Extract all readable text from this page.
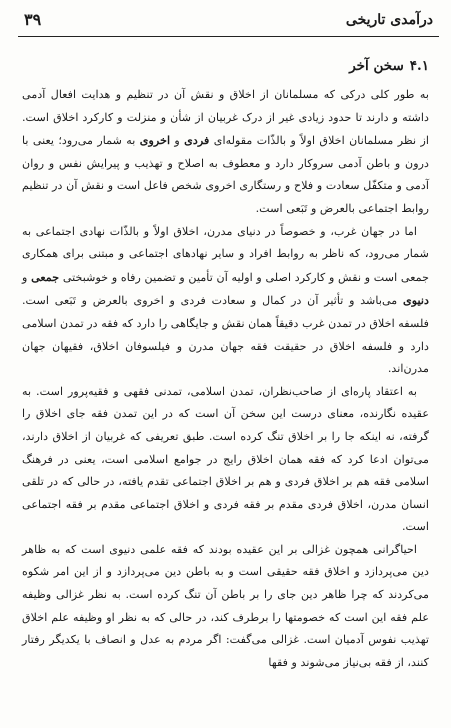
درآمدی تاریخی
۳۹
۴.۱سخن آخر

به طور کلی درکی که مسلمانان از اخلاق و نقش آن در تنظیم و هدایت افعال آدمی داشته و دارند تا حدود زیادی غیر از درک غربیان از شأن و منزلت و کارکرد اخلاق است. از نظر مسلمانان اخلاق اولاً و بالذّات مقوله‌ای فردی و اخروی به شمار می‌رود؛ یعنی با درون و باطن آدمی سروکار دارد و معطوف به اصلاح و تهذیب و پیرایش نفس و روان آدمی و متکفّل سعادت و فلاح و رستگاری اخروی شخص فاعل است و نقش آن در تنظیم روابط اجتماعی بالعرض و تَبَعی است.

اما در جهان غرب، و خصوصاً در دنیای مدرن، اخلاق اولاً و بالذّات نهادی اجتماعی به شمار می‌رود، که ناظر به روابط افراد و سایر نهادهای اجتماعی و مبتنی برای همکاری جمعی است و نقش و کارکرد اصلی و اولیه آن تأمین و تضمین رفاه و خوشبختی جمعی و دنیوی می‌باشد و تأثیر آن در کمال و سعادت فردی و اخروی بالعرض و تَبَعی است. فلسفه اخلاق در تمدن غرب دقیقاً همان نقش و جایگاهی را دارد که فقه در تمدن اسلامی دارد و فلسفه اخلاق در حقیقت فقه جهان مدرن و فیلسوفان اخلاق، فقیهان جهان مدرن‌اند.

به اعتقاد پاره‌ای از صاحب‌نظران، تمدن اسلامی، تمدنی فقهی و فقیه‌پرور است. به عقیده نگارنده، معنای درست این سخن آن است که در این تمدن فقه جای اخلاق را گرفته، نه اینکه جا را بر اخلاق تنگ کرده است. طبق تعریفی که غربیان از اخلاق دارند، می‌توان ادعا کرد که فقه همان اخلاق رایج در جوامع اسلامی است، یعنی در فرهنگ اسلامی فقه هم بر اخلاق فردی و هم بر اخلاق اجتماعی تقدم یافته، در حالی که در تلقی انسان مدرن، اخلاق فردی مقدم بر فقه فردی و اخلاق اجتماعی مقدم بر فقه اجتماعی است.

احیاگرانی همچون غزالی بر این عقیده بودند که فقه علمی دنیوی است که به ظاهر دین می‌پردازد و اخلاق فقه حقیقی است و به باطن دین می‌پردازد و از این امر شکوه می‌کردند که چرا ظاهر دین جای را بر باطن آن تنگ کرده است. به نظر غزالی وظیفه علم فقه این است که خصومتها را برطرف کند، در حالی که به نظر او وظیفه علم اخلاق تهذیب نفوس آدمیان است. غزالی می‌گفت: اگر مردم به عدل و انصاف با یکدیگر رفتار کنند، از فقه بی‌نیاز می‌شوند و فقها
